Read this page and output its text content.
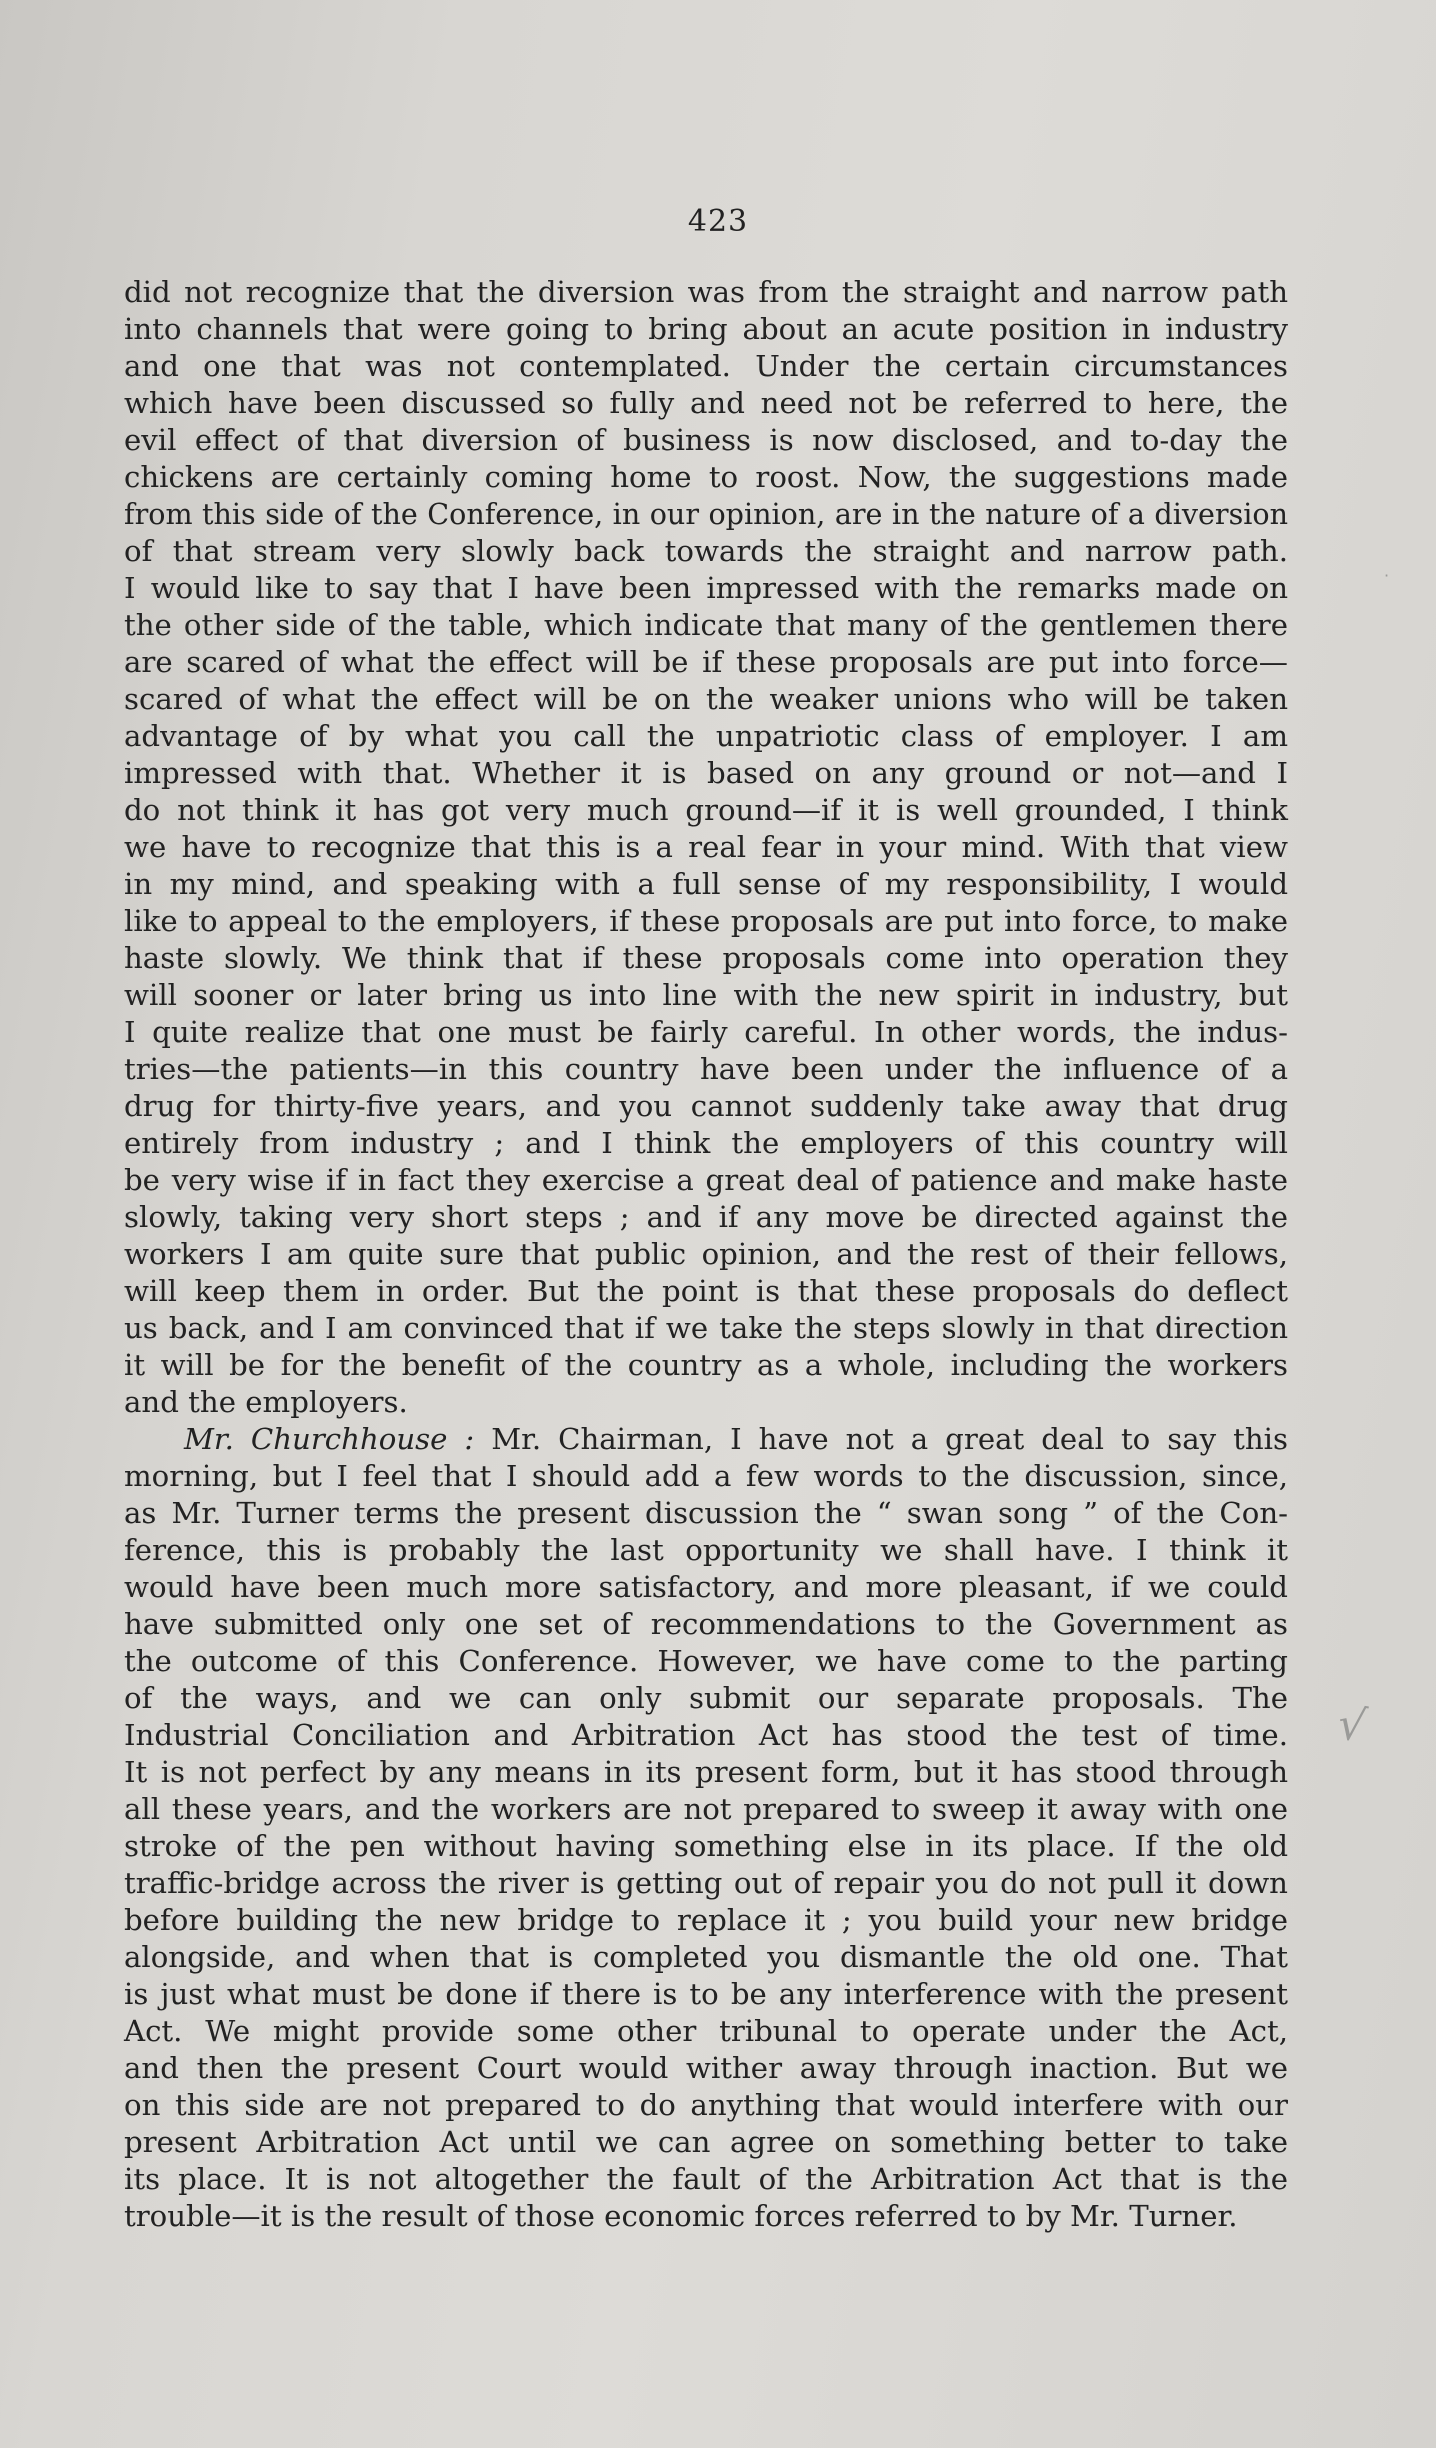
423
did not recognize that the diversion was from the straight and narrow path
into channels that were going to bring about an acute position in industry
and one that was not contemplated. Under the certain circumstances
which have been discussed so fully and need not be referred to here, the
evil effect of that diversion of business is now disclosed, and to-day the
chickens are certainly coming home to roost. Now, the suggestions made
from this side of the Conference, in our opinion, are in the nature of a diversion
of that stream very slowly back towards the straight and narrow path.
I would like to say that I have been impressed with the remarks made on
the other side of the table, which indicate that many of the gentlemen there
are scared of what the effect will be if these proposals are put into force—
scared of what the effect will be on the weaker unions who will be taken
advantage of by what you call the unpatriotic class of employer. I am
impressed with that. Whether it is based on any ground or not—and I
do not think it has got very much ground—if it is well grounded, I think
we have to recognize that this is a real fear in your mind. With that view
in my mind, and speaking with a full sense of my responsibility, I would
like to appeal to the employers, if these proposals are put into force, to make
haste slowly. We think that if these proposals come into operation they
will sooner or later bring us into line with the new spirit in industry, but
I quite realize that one must be fairly careful. In other words, the indus-
tries—the patients—in this country have been under the influence of a
drug for thirty-five years, and you cannot suddenly take away that drug
entirely from industry ; and I think the employers of this country will
be very wise if in fact they exercise a great deal of patience and make haste
slowly, taking very short steps ; and if any move be directed against the
workers I am quite sure that public opinion, and the rest of their fellows,
will keep them in order. But the point is that these proposals do deflect
us back, and I am convinced that if we take the steps slowly in that direction
it will be for the benefit of the country as a whole, including the workers
and the employers.
Mr. Churchhouse : Mr. Chairman, I have not a great deal to say this
morning, but I feel that I should add a few words to the discussion, since,
as Mr. Turner terms the present discussion the “ swan song ” of the Con-
ference, this is probably the last opportunity we shall have. I think it
would have been much more satisfactory, and more pleasant, if we could
have submitted only one set of recommendations to the Government as
the outcome of this Conference. However, we have come to the parting
of the ways, and we can only submit our separate proposals. The
Industrial Conciliation and Arbitration Act has stood the test of time.
It is not perfect by any means in its present form, but it has stood through
all these years, and the workers are not prepared to sweep it away with one
stroke of the pen without having something else in its place. If the old
traffic-bridge across the river is getting out of repair you do not pull it down
before building the new bridge to replace it ; you build your new bridge
alongside, and when that is completed you dismantle the old one. That
is just what must be done if there is to be any interference with the present
Act. We might provide some other tribunal to operate under the Act,
and then the present Court would wither away through inaction. But we
on this side are not prepared to do anything that would interfere with our
present Arbitration Act until we can agree on something better to take
its place. It is not altogether the fault of the Arbitration Act that is the
trouble—it is the result of those economic forces referred to by Mr. Turner.
·
√
